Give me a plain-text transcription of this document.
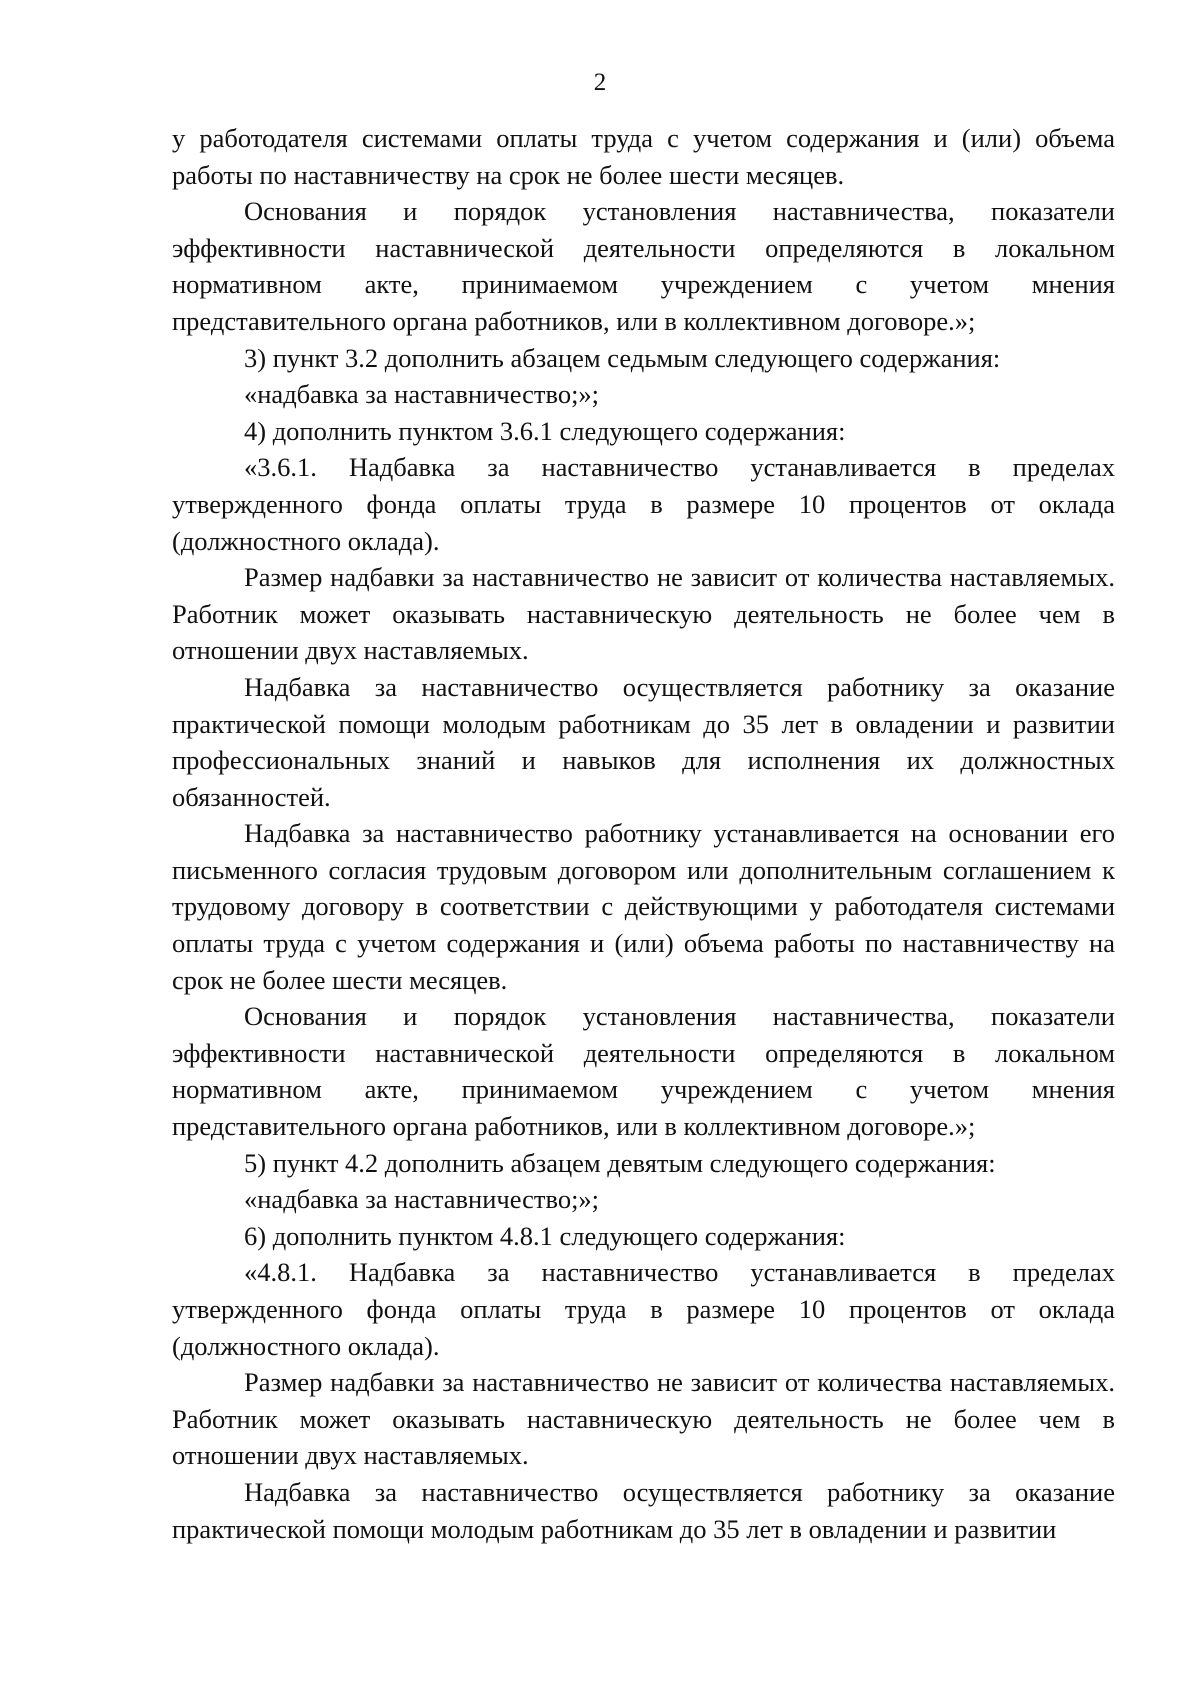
2

у работодателя системами оплаты труда с учетом содержания и (или) объема работы по наставничеству на срок не более шести месяцев.

Основания и порядок установления наставничества, показатели эффективности наставнической деятельности определяются в локальном нормативном акте, принимаемом учреждением с учетом мнения представительного органа работников, или в коллективном договоре.»;

3) пункт 3.2 дополнить абзацем седьмым следующего содержания:

«надбавка за наставничество;»;

4) дополнить пунктом 3.6.1 следующего содержания:

«3.6.1. Надбавка за наставничество устанавливается в пределах утвержденного фонда оплаты труда в размере 10 процентов от оклада (должностного оклада).

Размер надбавки за наставничество не зависит от количества наставляемых. Работник может оказывать наставническую деятельность не более чем в отношении двух наставляемых.

Надбавка за наставничество осуществляется работнику за оказание практической помощи молодым работникам до 35 лет в овладении и развитии профессиональных знаний и навыков для исполнения их должностных обязанностей.

Надбавка за наставничество работнику устанавливается на основании его письменного согласия трудовым договором или дополнительным соглашением к трудовому договору в соответствии с действующими у работодателя системами оплаты труда с учетом содержания и (или) объема работы по наставничеству на срок не более шести месяцев.

Основания и порядок установления наставничества, показатели эффективности наставнической деятельности определяются в локальном нормативном акте, принимаемом учреждением с учетом мнения представительного органа работников, или в коллективном договоре.»;

5) пункт 4.2 дополнить абзацем девятым следующего содержания:

«надбавка за наставничество;»;

6) дополнить пунктом 4.8.1 следующего содержания:

«4.8.1. Надбавка за наставничество устанавливается в пределах утвержденного фонда оплаты труда в размере 10 процентов от оклада (должностного оклада).

Размер надбавки за наставничество не зависит от количества наставляемых. Работник может оказывать наставническую деятельность не более чем в отношении двух наставляемых.

Надбавка за наставничество осуществляется работнику за оказание практической помощи молодым работникам до 35 лет в овладении и развитии
